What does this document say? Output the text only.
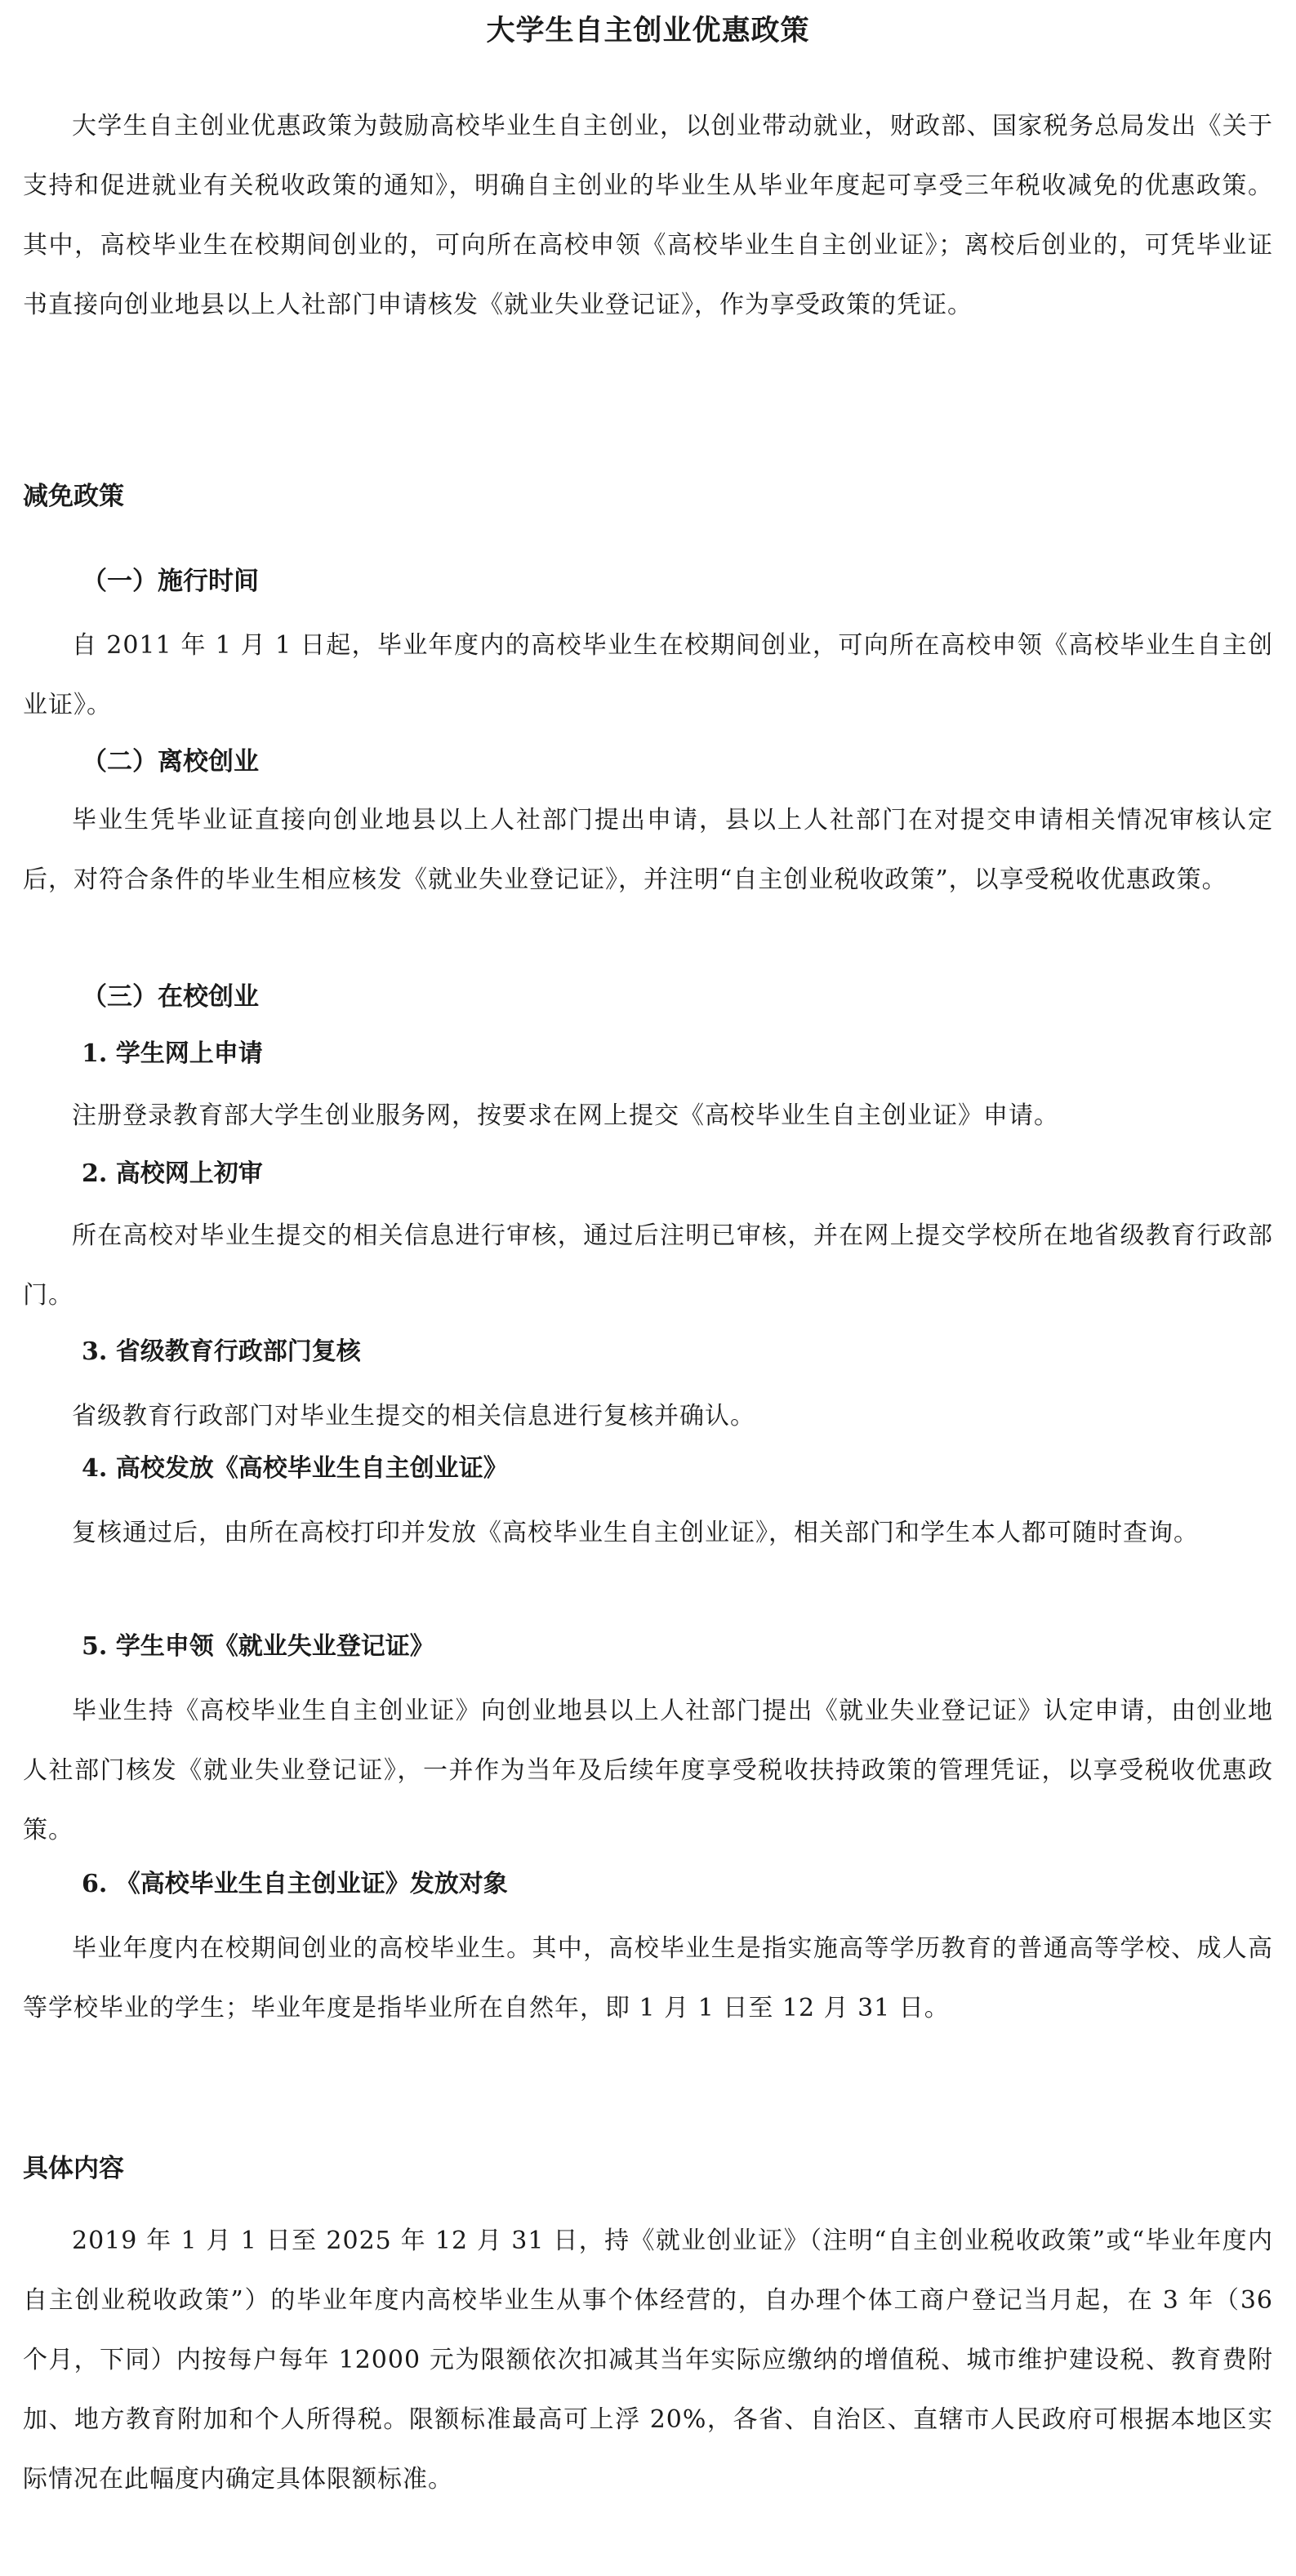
大学生自主创业优惠政策

大学生自主创业优惠政策为鼓励高校毕业生自主创业，以创业带动就业，财政部、国家税务总局发出《关于支持和促进就业有关税收政策的通知》，明确自主创业的毕业生从毕业年度起可享受三年税收减免的优惠政策。其中，高校毕业生在校期间创业的，可向所在高校申领《高校毕业生自主创业证》；离校后创业的，可凭毕业证书直接向创业地县以上人社部门申请核发《就业失业登记证》，作为享受政策的凭证。

减免政策
（一）施行时间

自 2011 年 1 月 1 日起，毕业年度内的高校毕业生在校期间创业，可向所在高校申领《高校毕业生自主创业证》。

（二）离校创业

毕业生凭毕业证直接向创业地县以上人社部门提出申请，县以上人社部门在对提交申请相关情况审核认定后，对符合条件的毕业生相应核发《就业失业登记证》，并注明“自主创业税收政策”，以享受税收优惠政策。

（三）在校创业
1. 学生网上申请

注册登录教育部大学生创业服务网，按要求在网上提交《高校毕业生自主创业证》申请。

2. 高校网上初审

所在高校对毕业生提交的相关信息进行审核，通过后注明已审核，并在网上提交学校所在地省级教育行政部门。

3. 省级教育行政部门复核

省级教育行政部门对毕业生提交的相关信息进行复核并确认。

4. 高校发放《高校毕业生自主创业证》

复核通过后，由所在高校打印并发放《高校毕业生自主创业证》，相关部门和学生本人都可随时查询。

5. 学生申领《就业失业登记证》

毕业生持《高校毕业生自主创业证》向创业地县以上人社部门提出《就业失业登记证》认定申请，由创业地人社部门核发《就业失业登记证》，一并作为当年及后续年度享受税收扶持政策的管理凭证，以享受税收优惠政策。

6. 《高校毕业生自主创业证》发放对象

毕业年度内在校期间创业的高校毕业生。其中，高校毕业生是指实施高等学历教育的普通高等学校、成人高等学校毕业的学生；毕业年度是指毕业所在自然年，即 1 月 1 日至 12 月 31 日。

具体内容

2019 年 1 月 1 日至 2025 年 12 月 31 日，持《就业创业证》（注明“自主创业税收政策”或“毕业年度内自主创业税收政策”）的毕业年度内高校毕业生从事个体经营的，自办理个体工商户登记当月起，在 3 年（36 个月，下同）内按每户每年 12000 元为限额依次扣减其当年实际应缴纳的增值税、城市维护建设税、教育费附加、地方教育附加和个人所得税。限额标准最高可上浮 20%，各省、自治区、直辖市人民政府可根据本地区实际情况在此幅度内确定具体限额标准。
